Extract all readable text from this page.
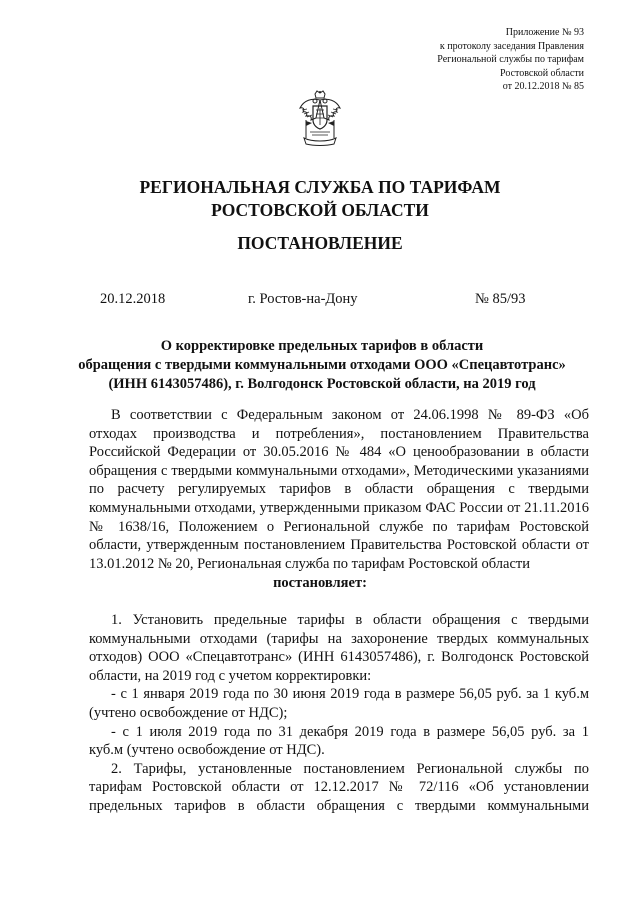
Приложение № 93
к протоколу заседания Правления
Региональной службы по тарифам
Ростовской области
от 20.12.2018 № 85
РЕГИОНАЛЬНАЯ СЛУЖБА ПО ТАРИФАМ
РОСТОВСКОЙ ОБЛАСТИ
ПОСТАНОВЛЕНИЕ
20.12.2018	г. Ростов-на-Дону	№ 85/93
О корректировке предельных тарифов в области
обращения с твердыми коммунальными отходами ООО «Спецавтотранс»
(ИНН 6143057486), г. Волгодонск Ростовской области, на 2019 год
В соответствии с Федеральным законом от 24.06.1998 № 89-ФЗ «Об
отходах производства и потребления», постановлением Правительства
Российской Федерации от 30.05.2016 № 484 «О ценообразовании в области
обращения с твердыми коммунальными отходами», Методическими указаниями
по расчету регулируемых тарифов в области обращения с твердыми
коммунальными отходами, утвержденными приказом ФАС России от 21.11.2016
№ 1638/16, Положением о Региональной службе по тарифам Ростовской
области, утвержденным постановлением Правительства Ростовской области от
13.01.2012 № 20, Региональная служба по тарифам Ростовской области
постановляет:
1. Установить предельные тарифы в области обращения с твердыми
коммунальными отходами (тарифы на захоронение твердых коммунальных
отходов) ООО «Спецавтотранс» (ИНН 6143057486), г. Волгодонск Ростовской
области, на 2019 год с учетом корректировки:
- с 1 января 2019 года по 30 июня 2019 года в размере 56,05 руб. за 1 куб.м
(учтено освобождение от НДС);
- с 1 июля 2019 года по 31 декабря 2019 года в размере 56,05 руб. за 1
куб.м (учтено освобождение от НДС).
2. Тарифы, установленные постановлением Региональной службы по
тарифам Ростовской области от 12.12.2017 № 72/116 «Об установлении
предельных тарифов в области обращения с твердыми коммунальными
